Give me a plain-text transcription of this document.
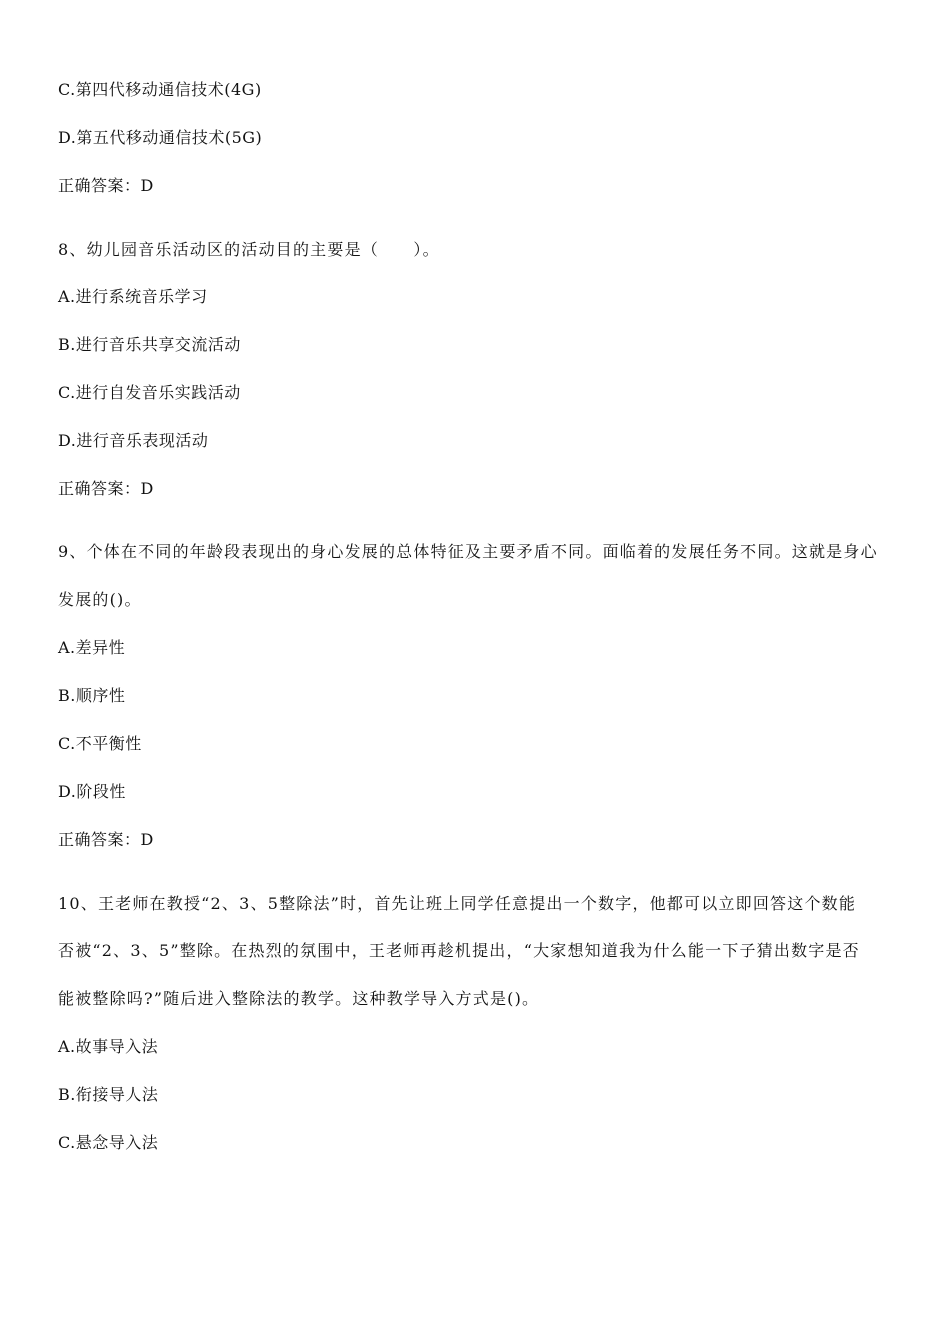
C.第四代移动通信技术(4G)
D.第五代移动通信技术(5G)
正确答案：D
8、幼儿园音乐活动区的活动目的主要是（　　）。
A.进行系统音乐学习
B.进行音乐共享交流活动
C.进行自发音乐实践活动
D.进行音乐表现活动
正确答案：D
9、个体在不同的年龄段表现出的身心发展的总体特征及主要矛盾不同。面临着的发展任务不同。这就是身心
发展的()。
A.差异性
B.顺序性
C.不平衡性
D.阶段性
正确答案：D
10、王老师在教授“2、3、5整除法”时，首先让班上同学任意提出一个数字，他都可以立即回答这个数能
否被“2、3、5”整除。在热烈的氛围中，王老师再趁机提出，“大家想知道我为什么能一下子猜出数字是否
能被整除吗?”随后进入整除法的教学。这种教学导入方式是()。
A.故事导入法
B.衔接导人法
C.悬念导入法
